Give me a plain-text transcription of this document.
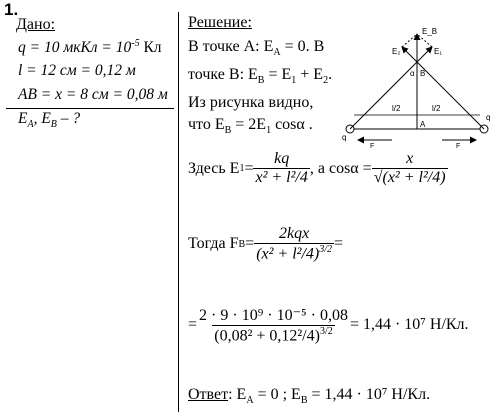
1.
Дано:
q = 10 мкКл = $10^{-5}$ Кл
l = 12 см = 0,12 м
AB = x = 8 см = 0,08 м
$E_A$, $E_B$ – ?
Решение:
В точке A: $E_A = 0$. В
точке B: $E_B = E_1 + E_2$.
Из рисунка видно,
что $E_B = 2E_1$ cosα .
q
q
l/2	l/2
A
B
α
E₁
E₂
E_B
F	F
Здесь E $1 = \frac{kq}{\text{x² + l²/4}}$ , а $\cos\alpha = \frac{x}{\text{√(x² + l²/4)}}$
Тогда F $B = \frac{\text{2kqx}}{(x^2 + l^2/4)^{3/2}}$ =
= $\frac{\text{2 · 9 · 10⁹ · 10⁻⁵ · 0,08}}{(0,08^2 + 0,12^2/4)^{3/2}} = 1,44 \cdot 10^7$ Н/Кл.
Ответ: $E_A = 0$ ; $E_B = 1,44 \cdot 10^7$ Н/Кл.
